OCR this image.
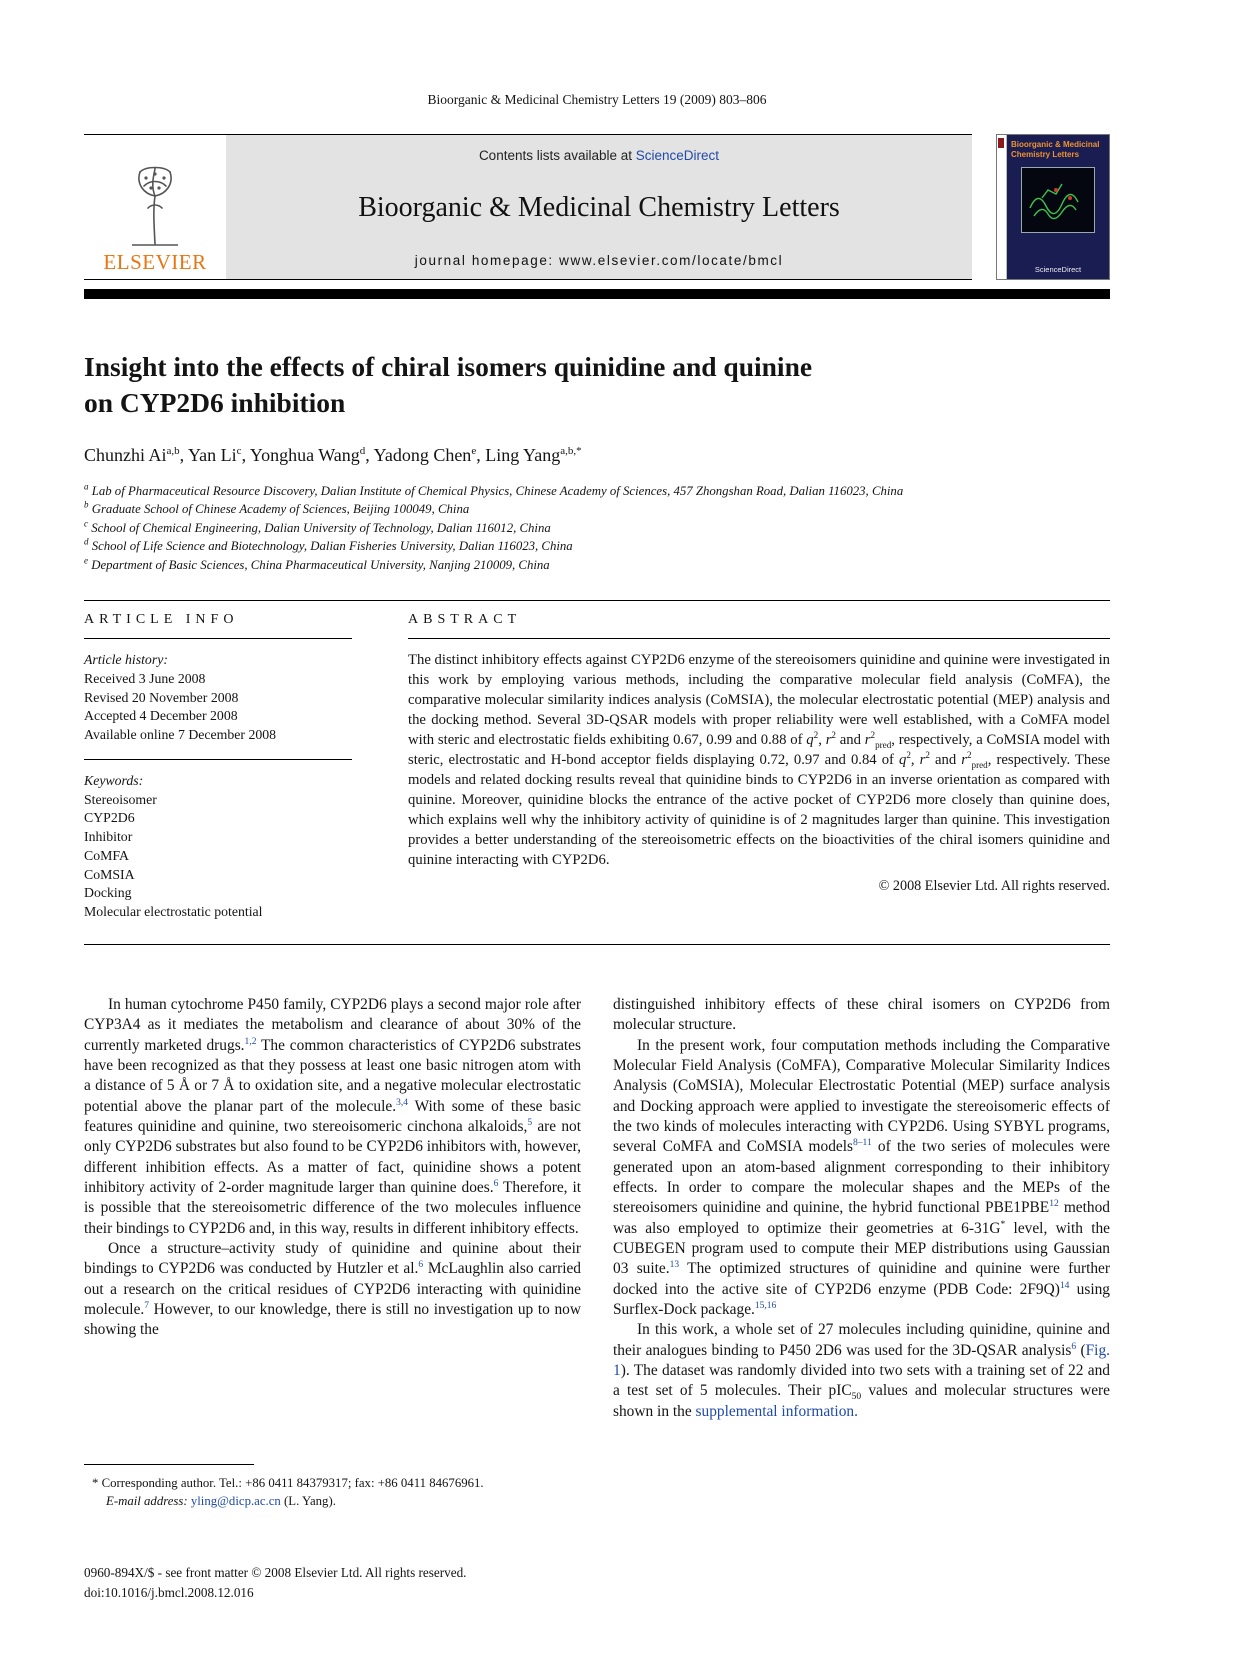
Bioorganic & Medicinal Chemistry Letters 19 (2009) 803–806
ELSEVIER
Contents lists available at ScienceDirect
Bioorganic & Medicinal Chemistry Letters
journal homepage: www.elsevier.com/locate/bmcl
Bioorganic & Medicinal Chemistry Letters
ScienceDirect
Insight into the effects of chiral isomers quinidine and quinine
on CYP2D6 inhibition
Chunzhi Ai$^{a,b}$, Yan Li$^c$, Yonghua Wang$^d$, Yadong Chen$^e$, Ling Yang$^{a,b,*}$
$^a$ Lab of Pharmaceutical Resource Discovery, Dalian Institute of Chemical Physics, Chinese Academy of Sciences, 457 Zhongshan Road, Dalian 116023, China
$^b$ Graduate School of Chinese Academy of Sciences, Beijing 100049, China
$^c$ School of Chemical Engineering, Dalian University of Technology, Dalian 116012, China
$^d$ School of Life Science and Biotechnology, Dalian Fisheries University, Dalian 116023, China
$^e$ Department of Basic Sciences, China Pharmaceutical University, Nanjing 210009, China
ARTICLE INFO
Article history:
Received 3 June 2008
Revised 20 November 2008
Accepted 4 December 2008
Available online 7 December 2008
Keywords:
Stereoisomer
CYP2D6
Inhibitor
CoMFA
CoMSIA
Docking
Molecular electrostatic potential
ABSTRACT
The distinct inhibitory effects against CYP2D6 enzyme of the stereoisomers quinidine and quinine were investigated in this work by employing various methods, including the comparative molecular field analysis (CoMFA), the comparative molecular similarity indices analysis (CoMSIA), the molecular electrostatic potential (MEP) analysis and the docking method. Several 3D-QSAR models with proper reliability were well established, with a CoMFA model with steric and electrostatic fields exhibiting 0.67, 0.99 and 0.88 of $q^2$, $r^2$ and $r^2_{pred}$, respectively, a CoMSIA model with steric, electrostatic and H-bond acceptor fields displaying 0.72, 0.97 and 0.84 of $q^2$, $r^2$ and $r^2_{pred}$, respectively. These models and related docking results reveal that quinidine binds to CYP2D6 in an inverse orientation as compared with quinine. Moreover, quinidine blocks the entrance of the active pocket of CYP2D6 more closely than quinine does, which explains well why the inhibitory activity of quinidine is of 2 magnitudes larger than quinine. This investigation provides a better understanding of the stereoisometric effects on the bioactivities of the chiral isomers quinidine and quinine interacting with CYP2D6.
© 2008 Elsevier Ltd. All rights reserved.

In human cytochrome P450 family, CYP2D6 plays a second major role after CYP3A4 as it mediates the metabolism and clearance of about 30% of the currently marketed drugs.$^{1,2}$ The common characteristics of CYP2D6 substrates have been recognized as that they possess at least one basic nitrogen atom with a distance of 5 Å or 7 Å to oxidation site, and a negative molecular electrostatic potential above the planar part of the molecule.$^{3,4}$ With some of these basic features quinidine and quinine, two stereoisomeric cinchona alkaloids,$^5$ are not only CYP2D6 substrates but also found to be CYP2D6 inhibitors with, however, different inhibition effects. As a matter of fact, quinidine shows a potent inhibitory activity of 2-order magnitude larger than quinine does.$^6$ Therefore, it is possible that the stereoisometric difference of the two molecules influence their bindings to CYP2D6 and, in this way, results in different inhibitory effects.

Once a structure–activity study of quinidine and quinine about their bindings to CYP2D6 was conducted by Hutzler et al.$^6$ McLaughlin also carried out a research on the critical residues of CYP2D6 interacting with quinidine molecule.$^7$ However, to our knowledge, there is still no investigation up to now showing the

distinguished inhibitory effects of these chiral isomers on CYP2D6 from molecular structure.

In the present work, four computation methods including the Comparative Molecular Field Analysis (CoMFA), Comparative Molecular Similarity Indices Analysis (CoMSIA), Molecular Electrostatic Potential (MEP) surface analysis and Docking approach were applied to investigate the stereoisomeric effects of the two kinds of molecules interacting with CYP2D6. Using SYBYL programs, several CoMFA and CoMSIA models$^{8-11}$ of the two series of molecules were generated upon an atom-based alignment corresponding to their inhibitory effects. In order to compare the molecular shapes and the MEPs of the stereoisomers quinidine and quinine, the hybrid functional PBE1PBE$^{12}$ method was also employed to optimize their geometries at 6-31G* level, with the CUBEGEN program used to compute their MEP distributions using Gaussian 03 suite.$^{13}$ The optimized structures of quinidine and quinine were further docked into the active site of CYP2D6 enzyme (PDB Code: 2F9Q)$^{14}$ using Surflex-Dock package.$^{15,16}$

In this work, a whole set of 27 molecules including quinidine, quinine and their analogues binding to P450 2D6 was used for the 3D-QSAR analysis$^6$ (Fig. 1). The dataset was randomly divided into two sets with a training set of 22 and a test set of 5 molecules. Their pIC$_{50}$ values and molecular structures were shown in the supplemental information.

* Corresponding author. Tel.: +86 0411 84379317; fax: +86 0411 84676961.
E-mail address: yling@dicp.ac.cn (L. Yang).
0960-894X/$ - see front matter © 2008 Elsevier Ltd. All rights reserved.
doi:10.1016/j.bmcl.2008.12.016
